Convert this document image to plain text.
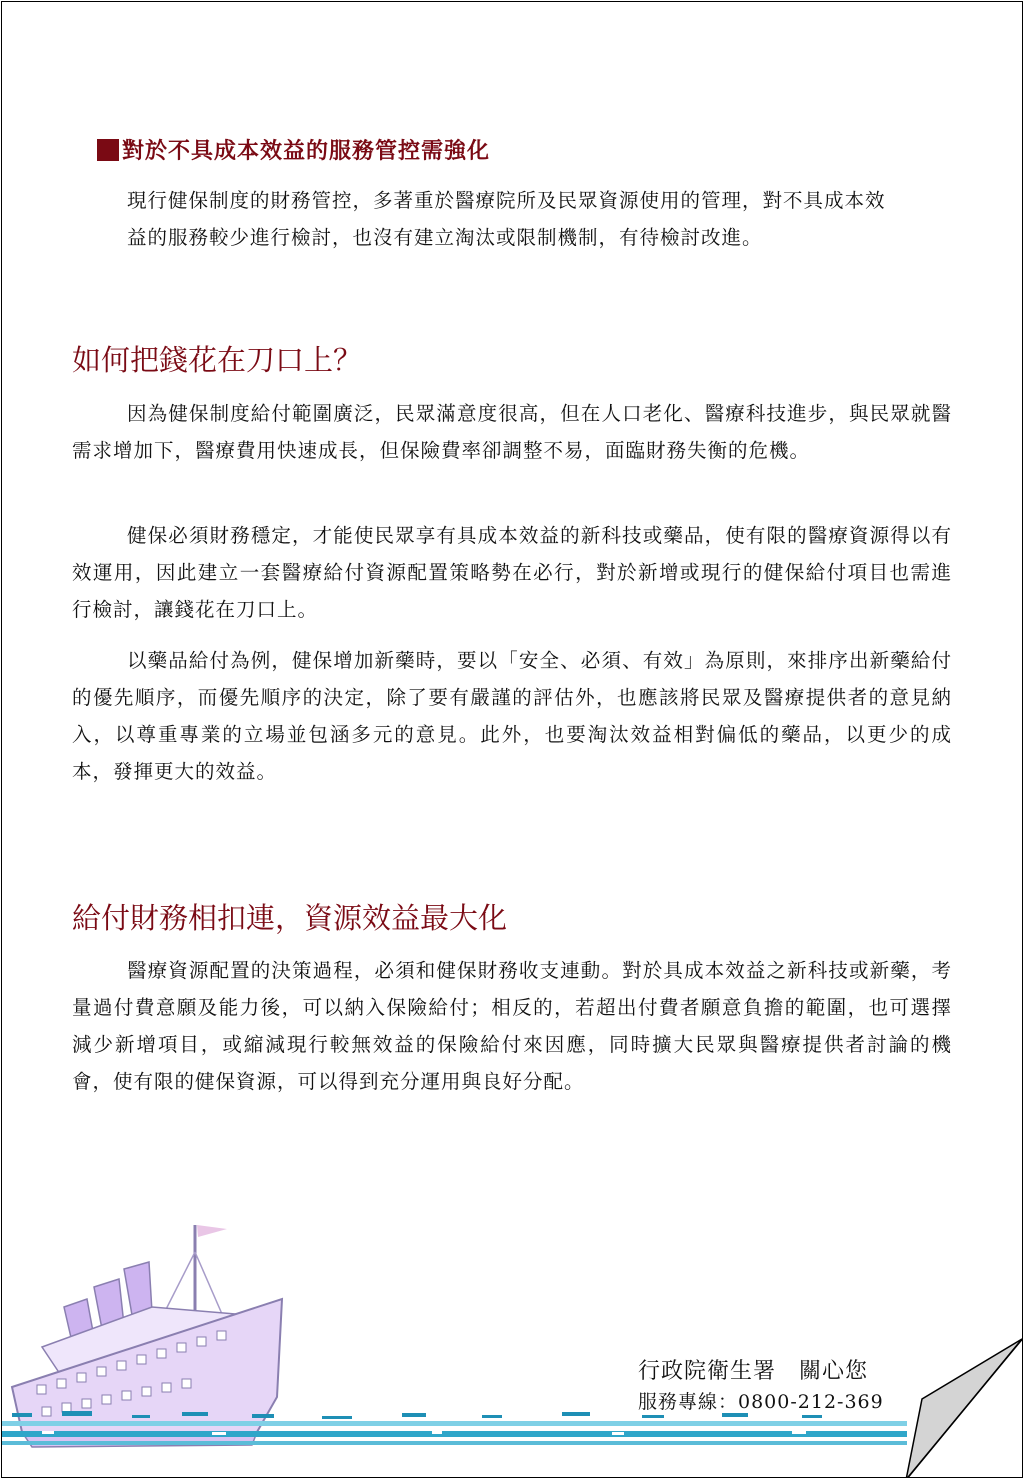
對於不具成本效益的服務管控需強化

現行健保制度的財務管控，多著重於醫療院所及民眾資源使用的管理，對不具成本效益的服務較少進行檢討，也沒有建立淘汰或限制機制，有待檢討改進。

如何把錢花在刀口上？

因為健保制度給付範圍廣泛，民眾滿意度很高，但在人口老化、醫療科技進步，與民眾就醫需求增加下，醫療費用快速成長，但保險費率卻調整不易，面臨財務失衡的危機。

健保必須財務穩定，才能使民眾享有具成本效益的新科技或藥品，使有限的醫療資源得以有效運用，因此建立一套醫療給付資源配置策略勢在必行，對於新增或現行的健保給付項目也需進行檢討，讓錢花在刀口上。

以藥品給付為例，健保增加新藥時，要以「安全、必須、有效」為原則，來排序出新藥給付的優先順序，而優先順序的決定，除了要有嚴謹的評估外，也應該將民眾及醫療提供者的意見納入，以尊重專業的立場並包涵多元的意見。此外，也要淘汰效益相對偏低的藥品，以更少的成本，發揮更大的效益。

給付財務相扣連，資源效益最大化

醫療資源配置的決策過程，必須和健保財務收支連動。對於具成本效益之新科技或新藥，考量過付費意願及能力後，可以納入保險給付；相反的，若超出付費者願意負擔的範圍，也可選擇減少新增項目，或縮減現行較無效益的保險給付來因應，同時擴大民眾與醫療提供者討論的機會，使有限的健保資源，可以得到充分運用與良好分配。

行政院衛生署　關心您
服務專線：0800-212-369
